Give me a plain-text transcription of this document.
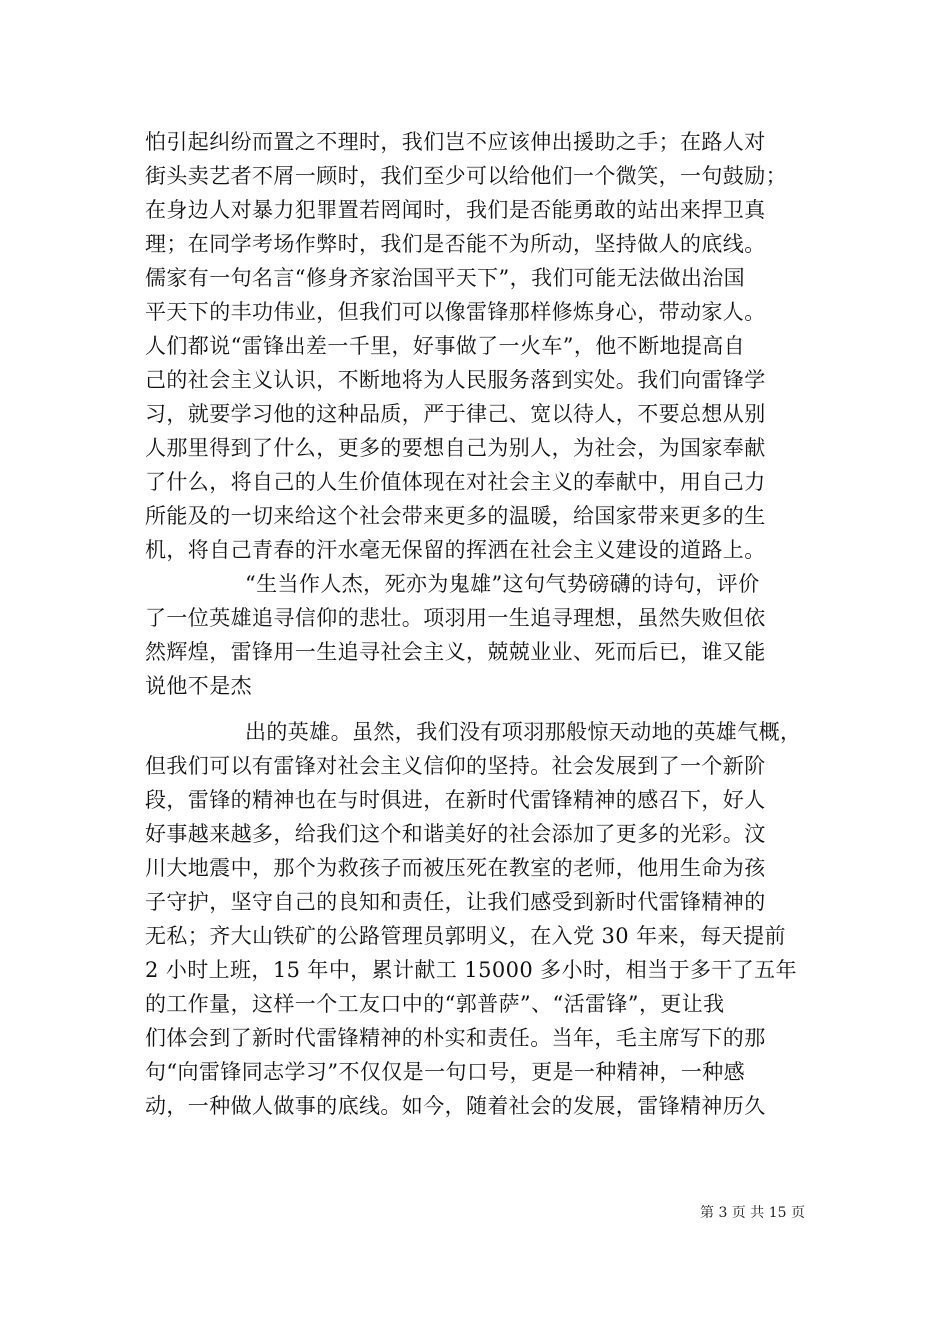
怕引起纠纷而置之不理时，我们岂不应该伸出援助之手；在路人对
街头卖艺者不屑一顾时，我们至少可以给他们一个微笑，一句鼓励；
在身边人对暴力犯罪置若罔闻时，我们是否能勇敢的站出来捍卫真
理；在同学考场作弊时，我们是否能不为所动，坚持做人的底线。
儒家有一句名言“修身齐家治国平天下”，我们可能无法做出治国
平天下的丰功伟业，但我们可以像雷锋那样修炼身心，带动家人。
人们都说“雷锋出差一千里，好事做了一火车”，他不断地提高自
己的社会主义认识，不断地将为人民服务落到实处。我们向雷锋学
习，就要学习他的这种品质，严于律己、宽以待人，不要总想从别
人那里得到了什么，更多的要想自己为别人，为社会，为国家奉献
了什么，将自己的人生价值体现在对社会主义的奉献中，用自己力
所能及的一切来给这个社会带来更多的温暖，给国家带来更多的生
机，将自己青春的汗水毫无保留的挥洒在社会主义建设的道路上。
“生当作人杰，死亦为鬼雄”这句气势磅礴的诗句，评价
了一位英雄追寻信仰的悲壮。项羽用一生追寻理想，虽然失败但依
然辉煌，雷锋用一生追寻社会主义，兢兢业业、死而后已，谁又能
说他不是杰
出的英雄。虽然，我们没有项羽那般惊天动地的英雄气概，
但我们可以有雷锋对社会主义信仰的坚持。社会发展到了一个新阶
段，雷锋的精神也在与时俱进，在新时代雷锋精神的感召下，好人
好事越来越多，给我们这个和谐美好的社会添加了更多的光彩。汶
川大地震中，那个为救孩子而被压死在教室的老师，他用生命为孩
子守护，坚守自己的良知和责任，让我们感受到新时代雷锋精神的
无私；齐大山铁矿的公路管理员郭明义，在入党 30 年来，每天提前
2 小时上班，15 年中，累计献工 15000 多小时，相当于多干了五年
的工作量，这样一个工友口中的“郭普萨”、“活雷锋”，更让我
们体会到了新时代雷锋精神的朴实和责任。当年，毛主席写下的那
句“向雷锋同志学习”不仅仅是一句口号，更是一种精神，一种感
动，一种做人做事的底线。如今，随着社会的发展，雷锋精神历久
第 3 页 共 15 页
